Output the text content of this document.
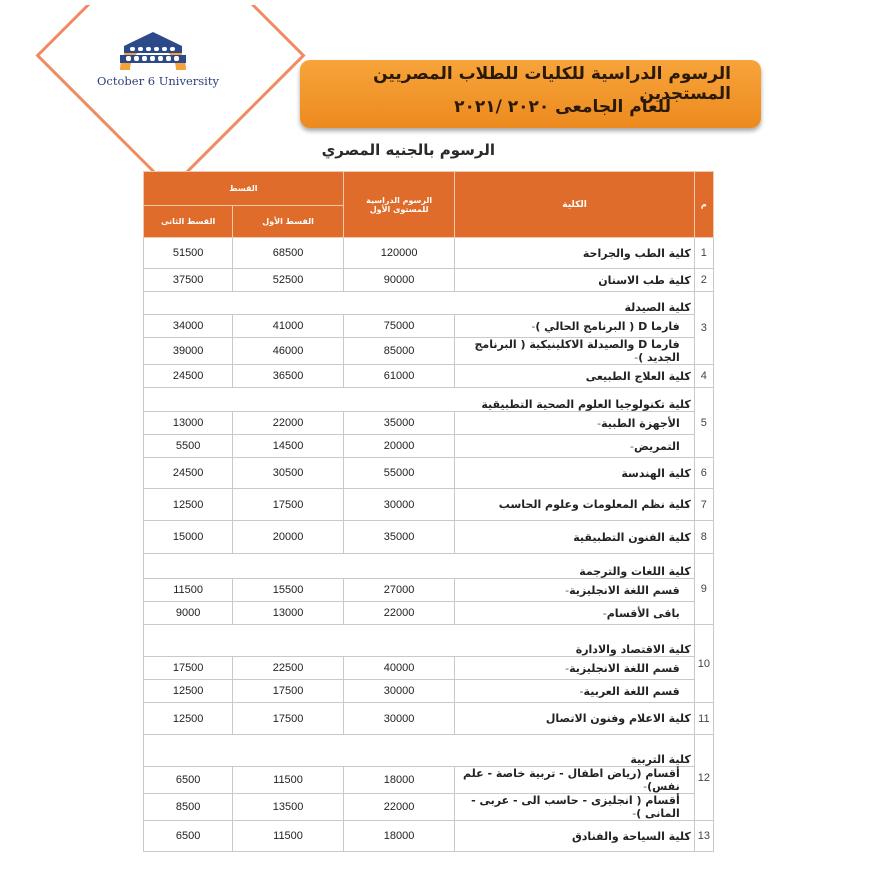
October 6 University	الرسوم الدراسية للكليات للطلاب المصريين المستجدين
للعام الجامعى ٢٠٢٠ /٢٠٢١
الرسوم بالجنيه المصري
م	الكلية	الرسوم الدراسية
للمستوى الأول	القسط	
			القسط الأول	القسط الثانى
1	كلية الطب والجراحة	120000	68500	51500
2	كلية طب الاسنان	90000	52500	37500
3	كلية الصيدلة			
	فارما D ( البرنامج الحالي )-	75000	41000	34000
	فارما D والصيدلة الاكلينيكية ( البرنامج الجديد )-	85000	46000	39000
4	كلية العلاج الطبيعى	61000	36500	24500
5	كلية تكنولوجيا العلوم الصحية التطبيقية			
	الأجهزة الطبية-	35000	22000	13000
	التمريض-	20000	14500	5500
6	كلية الهندسة	55000	30500	24500
7	كلية نظم المعلومات وعلوم الحاسب	30000	17500	12500
8	كلية الفنون التطبيقية	35000	20000	15000
9	كلية اللغات والترجمة			
	قسم اللغة الانجليزية-	27000	15500	11500
	باقى الأقسام-	22000	13000	9000
10	كلية الاقتصاد والادارة			
	قسم اللغة الانجليزية-	40000	22500	17500
	قسم اللغة العربية-	30000	17500	12500
11	كلية الاعلام وفنون الاتصال	30000	17500	12500
12	كلية التربية			
	أقسام (رياض اطفال - تربية خاصة - علم نفس)-	18000	11500	6500
	أقسام ( انجليزى - حاسب الى - عربى - المانى )-	22000	13500	8500
13	كلية السياحة والفنادق	18000	11500	6500
